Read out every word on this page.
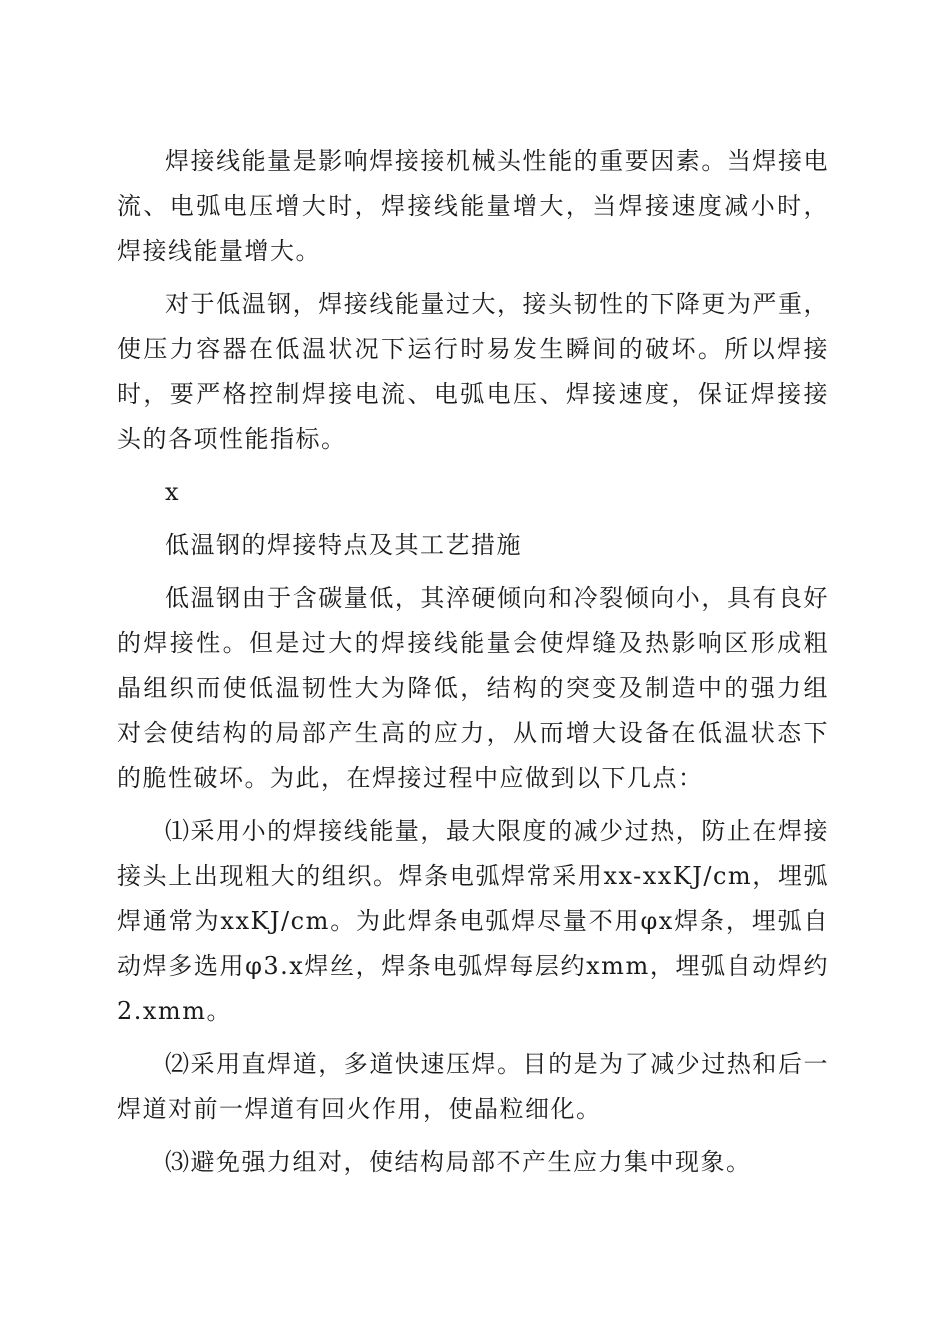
焊接线能量是影响焊接接机械头性能的重要因素。当焊接电流、电弧电压增大时，焊接线能量增大，当焊接速度减小时，焊接线能量增大。

对于低温钢，焊接线能量过大，接头韧性的下降更为严重，使压力容器在低温状况下运行时易发生瞬间的破坏。所以焊接时，要严格控制焊接电流、电弧电压、焊接速度，保证焊接接头的各项性能指标。

x

低温钢的焊接特点及其工艺措施

低温钢由于含碳量低，其淬硬倾向和冷裂倾向小，具有良好的焊接性。但是过大的焊接线能量会使焊缝及热影响区形成粗晶组织而使低温韧性大为降低，结构的突变及制造中的强力组对会使结构的局部产生高的应力，从而增大设备在低温状态下的脆性破坏。为此，在焊接过程中应做到以下几点：

⑴采用小的焊接线能量，最大限度的减少过热，防止在焊接接头上出现粗大的组织。焊条电弧焊常采用xx-xxKJ/cm，埋弧焊通常为xxKJ/cm。为此焊条电弧焊尽量不用φx焊条，埋弧自动焊多选用φ3.x焊丝，焊条电弧焊每层约xmm，埋弧自动焊约2.xmm。

⑵采用直焊道，多道快速压焊。目的是为了减少过热和后一焊道对前一焊道有回火作用，使晶粒细化。

⑶避免强力组对，使结构局部不产生应力集中现象。
